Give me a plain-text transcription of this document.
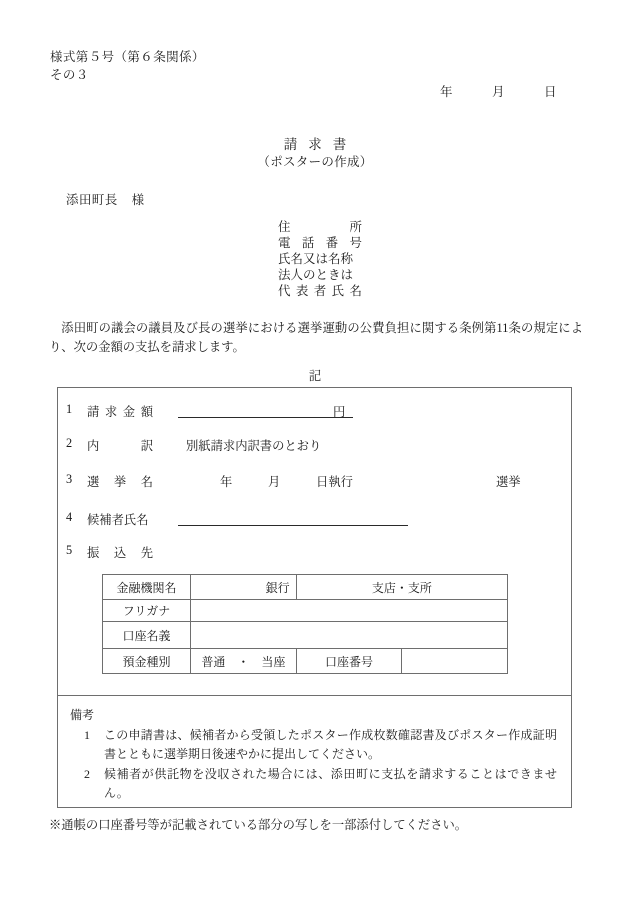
様式第５号（第６条関係）
その３
年	月	日
請求書
（ポスターの作成）
添田町長 様
住所
電話番号
氏名又は名称
法人のときは
代表者氏名
添田町の議会の議員及び長の選挙における選挙運動の公費負担に関する条例第11条の規定により、次の金額の支払を請求します。
記
1	請求金額	円
2	内訳	別紙請求内訳書のとおり
3	選挙名	年	月	日執行	選挙
4	候補者氏名
5	振込先
金融機関名	銀行	支店・支所	
フリガナ			
口座名義			
預金種別	普通　・　当座	口座番号	
備考
1 この申請書は、候補者から受領したポスター作成枚数確認書及びポスター作成証明書とともに選挙期日後速やかに提出してください。
2 候補者が供託物を没収された場合には、添田町に支払を請求することはできません。
※通帳の口座番号等が記載されている部分の写しを一部添付してください。
